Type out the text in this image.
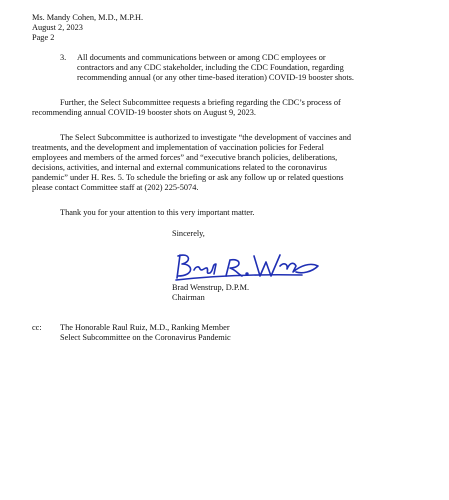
Ms. Mandy Cohen, M.D., M.P.H.

August 2, 2023

Page 2

3. All documents and communications between or among CDC employees or

contractors and any CDC stakeholder, including the CDC Foundation, regarding

recommending annual (or any other time-based iteration) COVID-19 booster shots.

Further, the Select Subcommittee requests a briefing regarding the CDC’s process of

recommending annual COVID-19 booster shots on August 9, 2023.

The Select Subcommittee is authorized to investigate “the development of vaccines and

treatments, and the development and implementation of vaccination policies for Federal

employees and members of the armed forces” and “executive branch policies, deliberations,

decisions, activities, and internal and external communications related to the coronavirus

pandemic” under H. Res. 5. To schedule the briefing or ask any follow up or related questions

please contact Committee staff at (202) 225-5074.

Thank you for your attention to this very important matter.

Sincerely,

Brad Wenstrup, D.P.M.

Chairman

cc: The Honorable Raul Ruiz, M.D., Ranking Member

Select Subcommittee on the Coronavirus Pandemic
